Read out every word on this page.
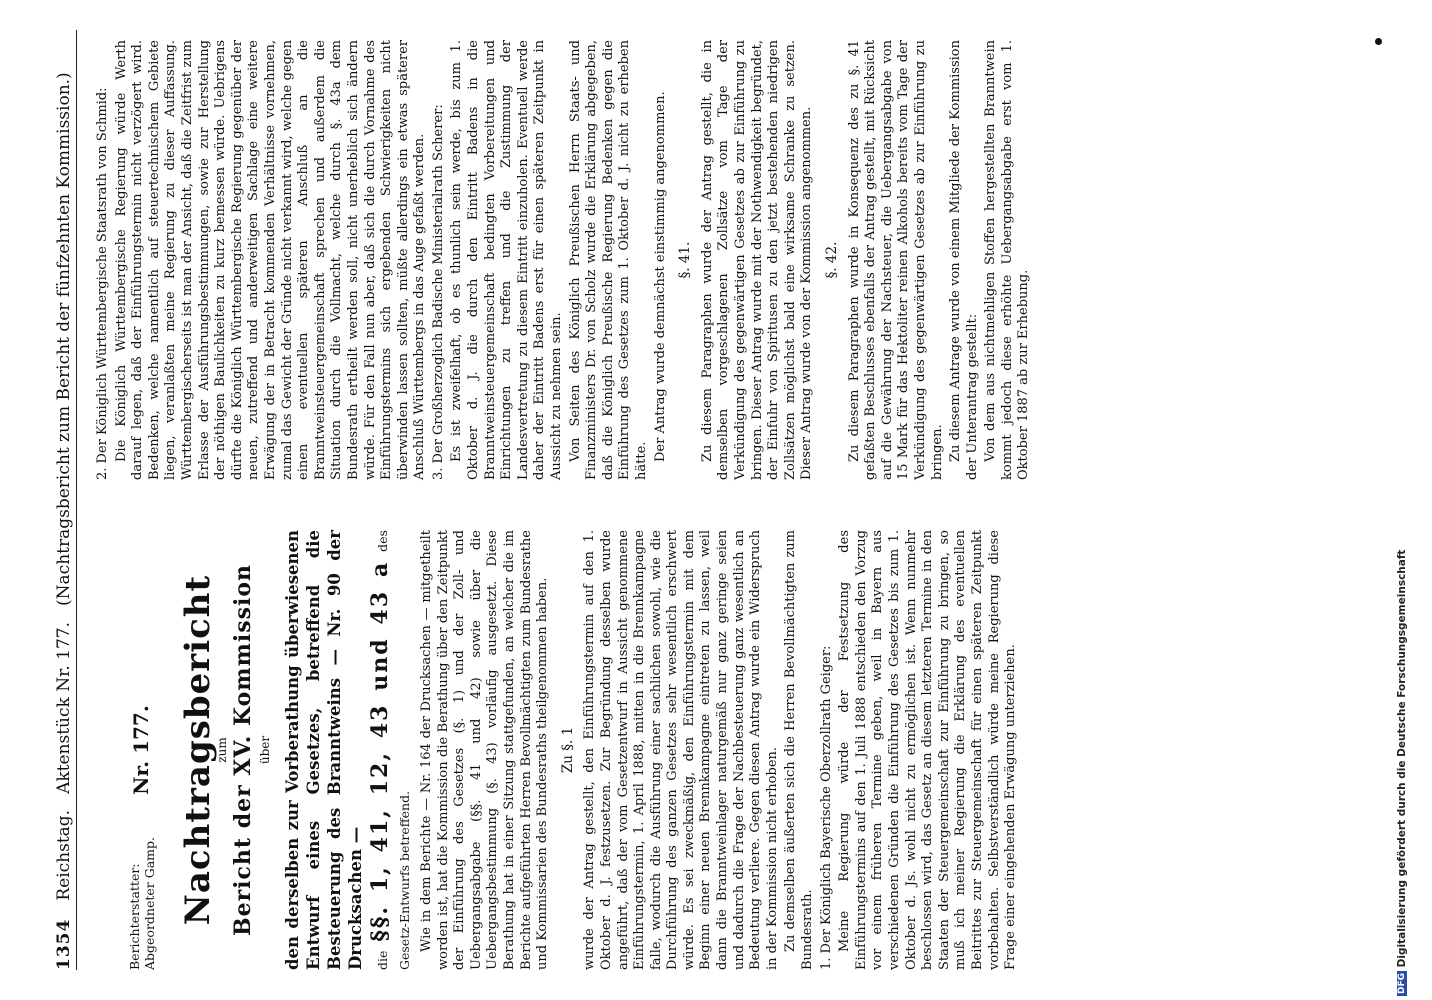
1354
Reichstag.
Aktenstück Nr. 177.
(Nachtragsbericht zum Bericht der fünfzehnten Kommission.)
Berichterstatter: Abgeordneter Gamp.
Nr. 177. Nachtragsbericht
zum Bericht der XV. Kommission über den derselben zur Vorberathung überwiesenen Entwurf eines Gesetzes, betreffend die Besteuerung des Branntweins — Nr. 90 der Drucksachen — die §§. 1, 41, 12, 43 und 43 a des Gesetz-Entwurfs betreffend. Wie in dem Berichte — Nr. 164 der Drucksachen — mitgetheilt worden ist, hat die Kommission die Berathung über den Zeitpunkt der Einführung des Gesetzes (§. 1) und der Zoll- und Uebergangsabgabe (§§. 41 und 42) sowie über die Uebergangsbestimmung (§. 43) vorläufig ausgesetzt. Diese Berathung hat in einer Sitzung stattgefunden, an welcher die im Berichte aufgeführten Herren Bevollmächtigten zum Bundesrathe und Kommissarien des Bundesraths theilgenommen haben. Zu §. 1 wurde der Antrag gestellt, den Einführungstermin auf den 1. Oktober d. J. festzusetzen. Zur Begründung desselben wurde angeführt, daß der vom Gesetzentwurf in Aussicht genommene Einführungstermin, 1. April 1888, mitten in die Brennkampagne falle, wodurch die Ausführung einer sachlichen sowohl, wie die Durchführung des ganzen Gesetzes sehr wesentlich erschwert würde. Es sei zweckmäßig, den Einführungstermin mit dem Beginn einer neuen Brennkampagne eintreten zu lassen, weil dann die Branntweinlager naturgemäß nur ganz geringe seien und dadurch die Frage der Nachbesteuerung ganz wesentlich an Bedeutung verliere. Gegen diesen Antrag wurde ein Widerspruch in der Kommission nicht erhoben. Zu demselben äußerten sich die Herren Bevollmächtigten zum Bundesrath. 1. Der Königlich Bayerische Oberzollrath Geiger: Meine Regierung würde der Festsetzung des Einführungstermins auf den 1. Juli 1888 entschieden den Vorzug vor einem früheren Termine geben, weil in Bayern aus verschiedenen Gründen die Einführung des Gesetzes bis zum 1. Oktober d. Js. wohl nicht zu ermöglichen ist. Wenn nunmehr beschlossen wird, das Gesetz an diesem letzteren Termine in den Staaten der Steuergemeinschaft zur Einführung zu bringen, so muß ich meiner Regierung die Erklärung des eventuellen Beitrittes zur Steuergemeinschaft für einen späteren Zeitpunkt vorbehalten. Selbstverständlich würde meine Regierung diese Frage einer eingehenden Erwägung unterziehen.

2. Der Königlich Württembergische Staatsrath von Schmid: Die Königlich Württembergische Regierung würde Werth darauf legen, daß der Einführungstermin nicht verzögert wird. Bedenken, welche namentlich auf steuertechnischem Gebiete liegen, veranlaßten meine Regierung zu dieser Auffassung. Württembergischerseits ist man der Ansicht, daß die Zeitfrist zum Erlasse der Ausführungsbestimmungen, sowie zur Herstellung der nöthigen Baulichkeiten zu kurz bemessen würde. Uebrigens dürfte die Königlich Württembergische Regierung gegenüber der neuen, zutreffend und anderweitigen Sachlage eine weitere Erwägung der in Betracht kommenden Verhältnisse vornehmen, zumal das Gewicht der Gründe nicht verkannt wird, welche gegen einen eventuellen späteren Anschluß an die Branntweinsteuergemeinschaft sprechen und außerdem die Situation durch die Vollmacht, welche durch §. 43a dem Bundesrath ertheilt werden soll, nicht unerheblich sich ändern würde. Für den Fall nun aber, daß sich die durch Vornahme des Einführungstermins sich ergebenden Schwierigkeiten nicht überwinden lassen sollten, müßte allerdings ein etwas späterer Anschluß Württembergs in das Auge gefaßt werden. 3. Der Großherzoglich Badische Ministerialrath Scherer: Es ist zweifelhaft, ob es thunlich sein werde, bis zum 1. Oktober d. J. die durch den Eintritt Badens in die Branntweinsteuergemeinschaft bedingten Vorbereitungen und Einrichtungen zu treffen und die Zustimmung der Landesvertretung zu diesem Eintritt einzuholen. Eventuell werde daher der Eintritt Badens erst für einen späteren Zeitpunkt in Aussicht zu nehmen sein. Von Seiten des Königlich Preußischen Herrn Staats- und Finanzministers Dr. von Scholz wurde die Erklärung abgegeben, daß die Königlich Preußische Regierung Bedenken gegen die Einführung des Gesetzes zum 1. Oktober d. J. nicht zu erheben hätte. Der Antrag wurde demnächst einstimmig angenommen. §. 41. Zu diesem Paragraphen wurde der Antrag gestellt, die in demselben vorgeschlagenen Zollsätze vom Tage der Verkündigung des gegenwärtigen Gesetzes ab zur Einführung zu bringen. Dieser Antrag wurde mit der Nothwendigkeit begründet, der Einfuhr von Spiritusen zu den jetzt bestehenden niedrigen Zollsätzen möglichst bald eine wirksame Schranke zu setzen. Dieser Antrag wurde von der Kommission angenommen. §. 42. Zu diesem Paragraphen wurde in Konsequenz des zu §. 41 gefaßten Beschlusses ebenfalls der Antrag gestellt, mit Rücksicht auf die Gewährung der Nachsteuer, die Uebergangsabgabe von 15 Mark für das Hektoliter reinen Alkohols bereits vom Tage der Verkündigung des gegenwärtigen Gesetzes ab zur Einführung zu bringen. Zu diesem Antrage wurde von einem Mitgliede der Kommission der Unterantrag gestellt: Von dem aus nichtmehligen Stoffen hergestellten Branntwein kommt jedoch diese erhöhte Uebergangsabgabe erst vom 1. Oktober 1887 ab zur Erhebung.

DFG Digitalisierung gefördert durch die Deutsche Forschungsgemeinschaft
